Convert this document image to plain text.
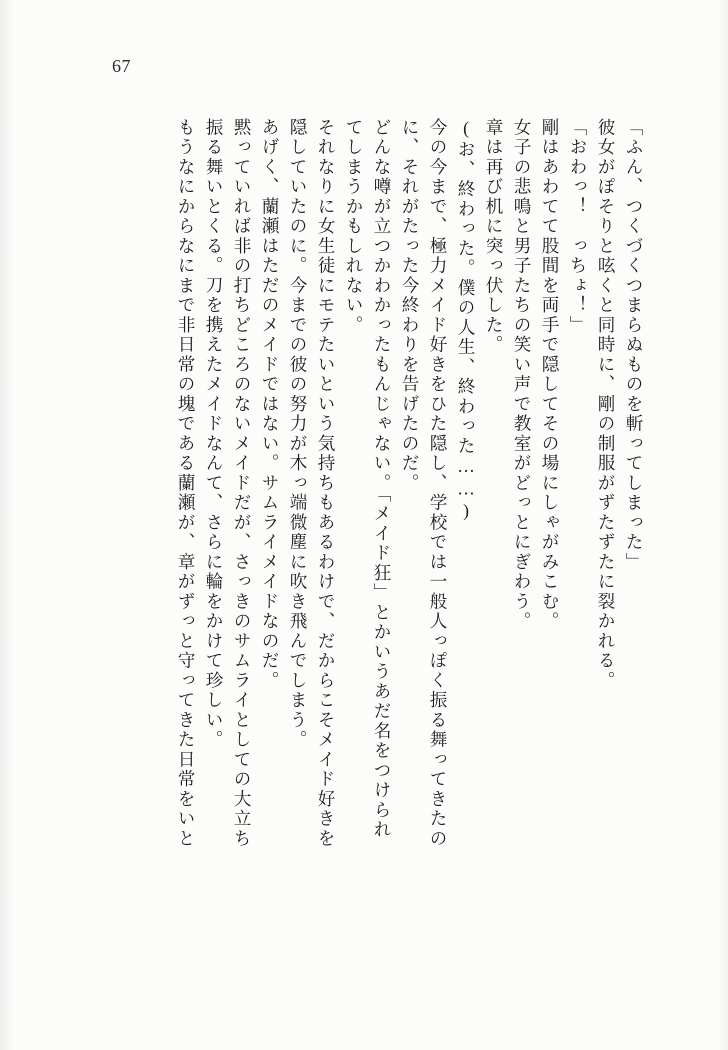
67
「ふん、つくづくつまらぬものを斬ってしまった」
彼女がぽそりと呟くと同時に、剛の制服がずたずたに裂かれる。
「おわっ！　っちょ！」
剛はあわてて股間を両手で隠してその場にしゃがみこむ。
女子の悲鳴と男子たちの笑い声で教室がどっとにぎわう。
章は再び机に突っ伏した。
(お、終わった。僕の人生、終わった……)
今の今まで、極力メイド好きをひた隠し、学校では一般人っぽく振る舞ってきたの
に、それがたった今終わりを告げたのだ。
どんな噂が立つかわかったもんじゃない。「メイド狂」とかいうあだ名をつけられ
てしまうかもしれない。
それなりに女生徒にモテたいという気持ちもあるわけで、だからこそメイド好きを
隠していたのに。今までの彼の努力が木っ端微塵に吹き飛んでしまう。
あげく、蘭瀬はただのメイドではない。サムライメイドなのだ。
黙っていれば非の打ちどころのないメイドだが、さっきのサムライとしての大立ち
振る舞いとくる。刀を携えたメイドなんて、さらに輪をかけて珍しい。
もうなにからなにまで非日常の塊である蘭瀬が、章がずっと守ってきた日常をいと
